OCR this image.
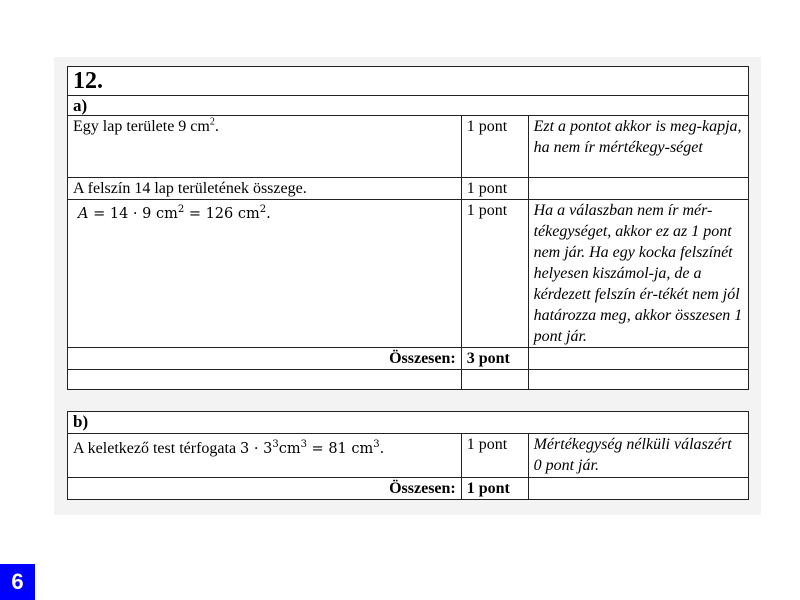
12.		
a)		
Egy lap területe 9 $cm^2$.	1 pont	Ezt a pontot akkor is meg-kapja, ha nem ír mértékegy-séget
A felszín 14 lap területének összege.	1 pont	
A = 14 · 9 $cm^2 = 126$ $cm^2$.	1 pont	Ha a válaszban nem ír mér-tékegységet, akkor ez az 1 pont nem jár. Ha egy kocka felszínét helyesen kiszámol-ja, de a kérdezett felszín ér-tékét nem jól határozza meg, akkor összesen 1 pont jár.
Összesen:	3 pont	

b)		
A keletkező test térfogata $3 \cdot 3^3cm^3 = 81$ $cm^3$.	1 pont	Mértékegység nélküli válaszért 0 pont jár.
Összesen:	1 pont	
6
